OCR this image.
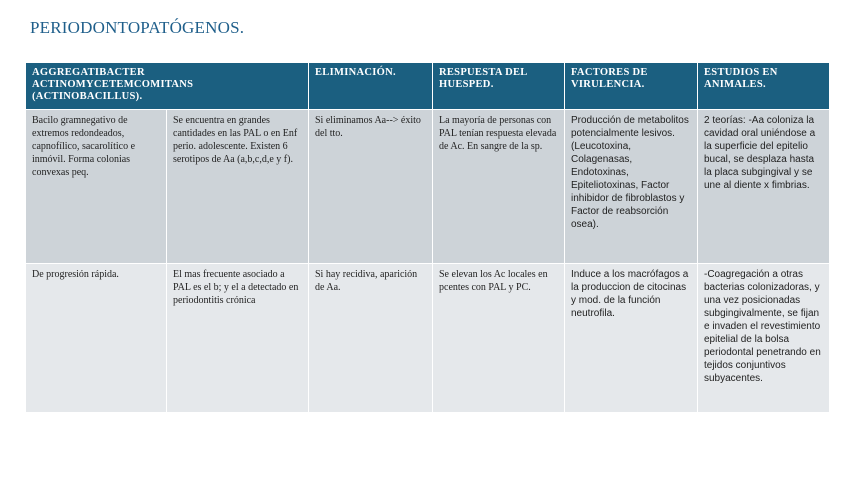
PERIODONTOPATÓGENOS.
AGGREGATIBACTER ACTINOMYCETEMCOMITANS (ACTINOBACILLUS).		ELIMINACIÓN.	RESPUESTA DEL HUESPED.	FACTORES DE VIRULENCIA.	ESTUDIOS EN ANIMALES.
Bacilo gramnegativo de extremos redondeados, capnofílico, sacarolítico e inmóvil. Forma colonias convexas peq.	Se encuentra en grandes cantidades en las PAL o en Enf perio. adolescente. Existen 6 serotipos de Aa (a,b,c,d,e y f).	Si eliminamos Aa--> éxito del tto.	La mayoría de personas con PAL tenían respuesta elevada de Ac. En sangre de la sp.	Producción de metabolitos potencialmente lesivos. (Leucotoxina, Colagenasas, Endotoxinas, Epiteliotoxinas, Factor inhibidor de fibroblastos y Factor de reabsorción osea).	2 teorías: -Aa coloniza la cavidad oral uniéndose a la superficie del epitelio bucal, se desplaza hasta la placa subgingival y se une al diente x fimbrias.
De progresión rápida.	El mas frecuente asociado a PAL es el b; y el a detectado en periodontitis crónica	Si hay recidiva, aparición de Aa.	Se elevan los Ac locales en pcentes con PAL y PC.	Induce a los macrófagos a la produccion de citocinas y mod. de la función neutrofila.	-Coagregación a otras bacterias colonizadoras, y una vez posicionadas subgingivalmente, se fijan e invaden el revestimiento epitelial de la bolsa periodontal penetrando en tejidos conjuntivos subyacentes.
